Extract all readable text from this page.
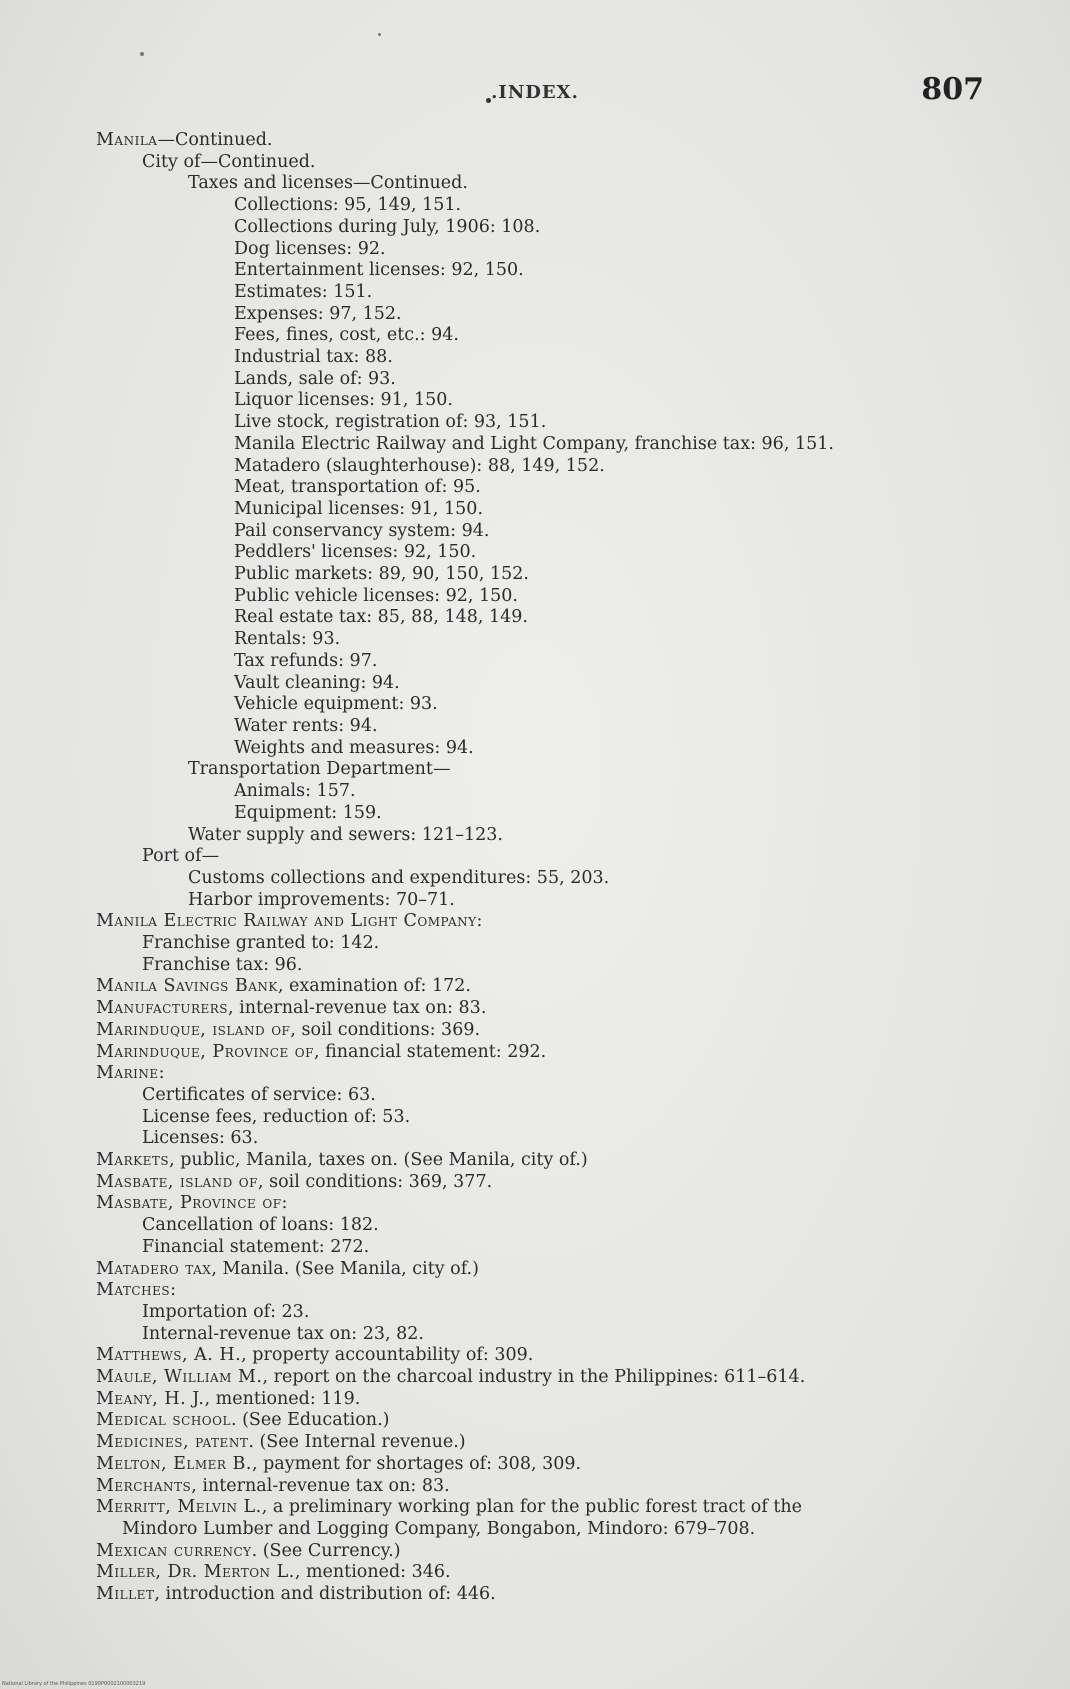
.INDEX.	807
Manila—Continued.
City of—Continued.
Taxes and licenses—Continued.
Collections: 95, 149, 151.
Collections during July, 1906: 108.
Dog licenses: 92.
Entertainment licenses: 92, 150.
Estimates: 151.
Expenses: 97, 152.
Fees, fines, cost, etc.: 94.
Industrial tax: 88.
Lands, sale of: 93.
Liquor licenses: 91, 150.
Live stock, registration of: 93, 151.
Manila Electric Railway and Light Company, franchise tax: 96, 151.
Matadero (slaughterhouse): 88, 149, 152.
Meat, transportation of: 95.
Municipal licenses: 91, 150.
Pail conservancy system: 94.
Peddlers' licenses: 92, 150.
Public markets: 89, 90, 150, 152.
Public vehicle licenses: 92, 150.
Real estate tax: 85, 88, 148, 149.
Rentals: 93.
Tax refunds: 97.
Vault cleaning: 94.
Vehicle equipment: 93.
Water rents: 94.
Weights and measures: 94.
Transportation Department—
Animals: 157.
Equipment: 159.
Water supply and sewers: 121–123.
Port of—
Customs collections and expenditures: 55, 203.
Harbor improvements: 70–71.
Manila Electric Railway and Light Company:
Franchise granted to: 142.
Franchise tax: 96.
Manila Savings Bank, examination of: 172.
Manufacturers, internal-revenue tax on: 83.
Marinduque, island of, soil conditions: 369.
Marinduque, Province of, financial statement: 292.
Marine:
Certificates of service: 63.
License fees, reduction of: 53.
Licenses: 63.
Markets, public, Manila, taxes on. (See Manila, city of.)
Masbate, island of, soil conditions: 369, 377.
Masbate, Province of:
Cancellation of loans: 182.
Financial statement: 272.
Matadero tax, Manila. (See Manila, city of.)
Matches:
Importation of: 23.
Internal-revenue tax on: 23, 82.
Matthews, A. H., property accountability of: 309.
Maule, William M., report on the charcoal industry in the Philippines: 611–614.
Meany, H. J., mentioned: 119.
Medical school. (See Education.)
Medicines, patent. (See Internal revenue.)
Melton, Elmer B., payment for shortages of: 308, 309.
Merchants, internal-revenue tax on: 83.
Merritt, Melvin L., a preliminary working plan for the public forest tract of the
Mindoro Lumber and Logging Company, Bongabon, Mindoro: 679–708.
Mexican currency. (See Currency.)
Miller, Dr. Merton L., mentioned: 346.
Millet, introduction and distribution of: 446.
National Library of the Philippines 0190P0002100003219
